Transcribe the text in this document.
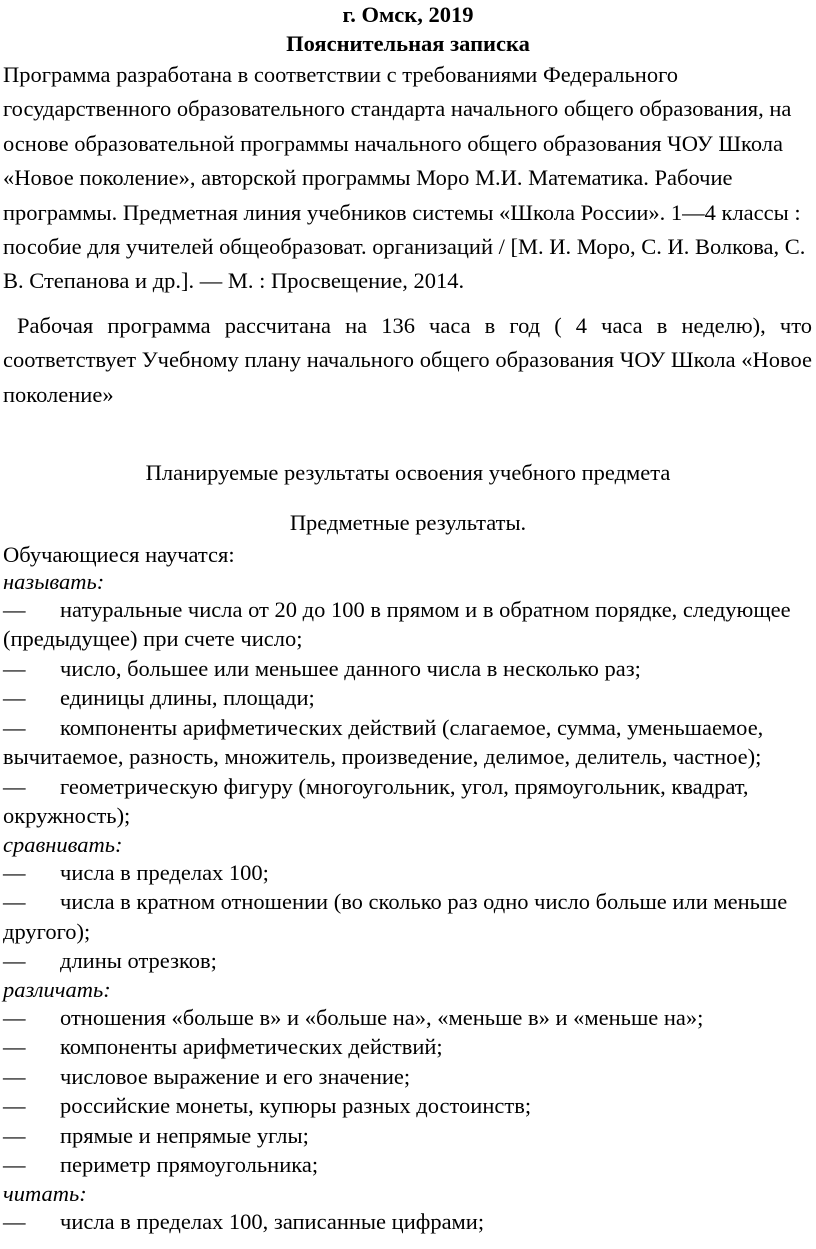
г. Омск, 2019
Пояснительная записка

Программа разработана в соответствии с требованиями Федерального государственного образовательного стандарта начального общего образования, на основе образовательной программы начального общего образования ЧОУ Школа «Новое поколение», авторской программы Моро М.И. Математика. Рабочие программы. Предметная линия учебников системы «Школа России». 1—4 классы : пособие для учителей общеобразоват. организаций / [М. И. Моро, С. И. Волкова, С. В. Степанова и др.]. — М. : Просвещение, 2014.

Рабочая программа рассчитана на 136 часа в год ( 4 часа в неделю), что соответствует Учебному плану начального общего образования ЧОУ Школа «Новое поколение»

Планируемые результаты освоения учебного предмета

Предметные результаты.

Обучающиеся научатся:

называть:

— натуральные числа от 20 до 100 в прямом и в обратном порядке, следующее (предыдущее) при счете число;

— число, большее или меньшее данного числа в несколько раз;

— единицы длины, площади;

— компоненты арифметических действий (слагаемое, сумма, уменьшаемое, вычитаемое, разность, множитель, произведение, делимое, делитель, частное);

— геометрическую фигуру (многоугольник, угол, прямоугольник, квадрат, окружность);

сравнивать:

— числа в пределах 100;

— числа в кратном отношении (во сколько раз одно число больше или меньше другого);

— длины отрезков;

различать:

— отношения «больше в» и «больше на», «меньше в» и «меньше на»;

— компоненты арифметических действий;

— числовое выражение и его значение;

— российские монеты, купюры разных достоинств;

— прямые и непрямые углы;

— периметр прямоугольника;

читать:

— числа в пределах 100, записанные цифрами;
